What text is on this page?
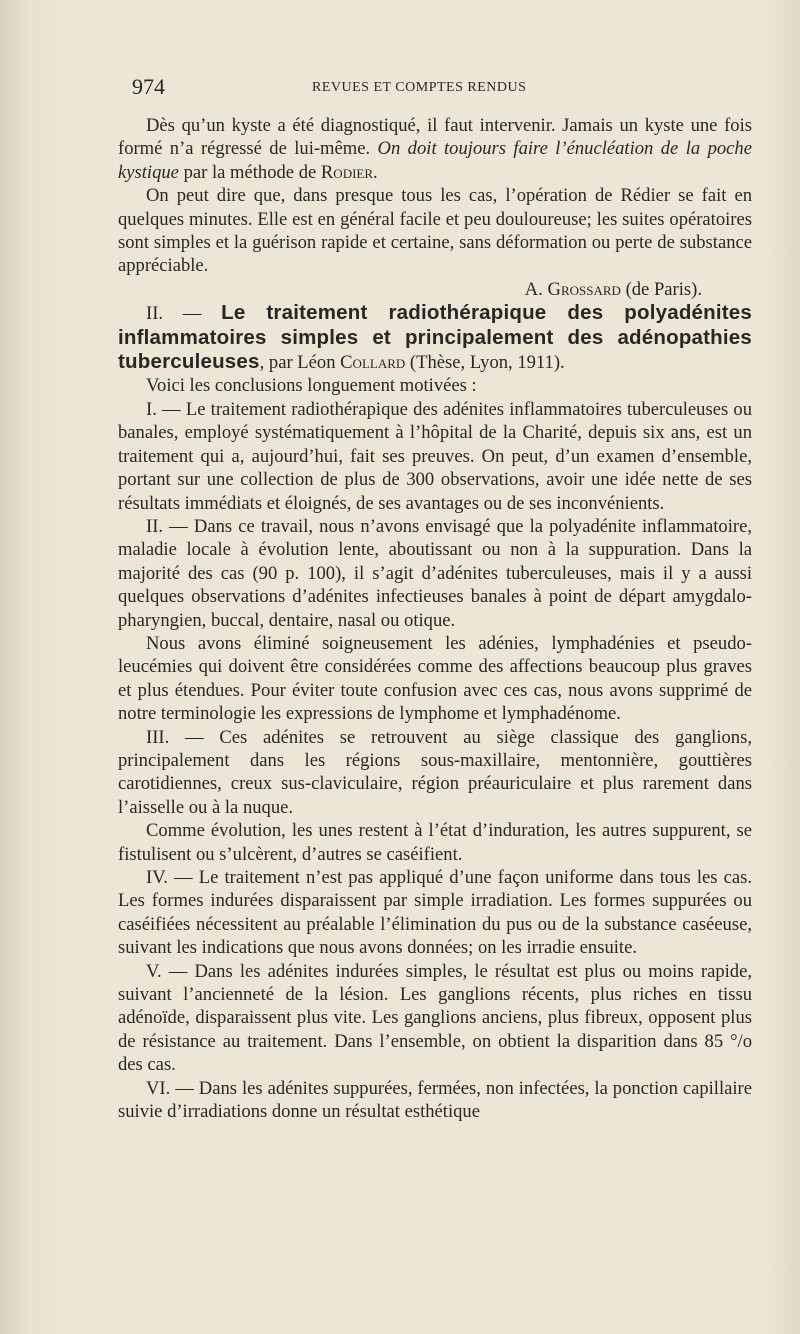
974	REVUES ET COMPTES RENDUS

Dès qu’un kyste a été diagnostiqué, il faut intervenir. Jamais un kyste une fois formé n’a régressé de lui-même. On doit toujours faire l’énucléation de la poche kystique par la méthode de Rodier.

On peut dire que, dans presque tous les cas, l’opération de Rédier se fait en quelques minutes. Elle est en général facile et peu douloureuse; les suites opératoires sont simples et la guérison rapide et certaine, sans déformation ou perte de substance appréciable.

A. Grossard (de Paris).

II. — Le traitement radiothérapique des polyadénites inflammatoires simples et principalement des adénopathies tuberculeuses, par Léon Collard (Thèse, Lyon, 1911).

Voici les conclusions longuement motivées :

I. — Le traitement radiothérapique des adénites inflammatoires tuberculeuses ou banales, employé systématiquement à l’hôpital de la Charité, depuis six ans, est un traitement qui a, aujourd’hui, fait ses preuves. On peut, d’un examen d’ensemble, portant sur une collection de plus de 300 observations, avoir une idée nette de ses résultats immédiats et éloignés, de ses avantages ou de ses inconvénients.

II. — Dans ce travail, nous n’avons envisagé que la polyadénite inflammatoire, maladie locale à évolution lente, aboutissant ou non à la suppuration. Dans la majorité des cas (90 p. 100), il s’agit d’adénites tuberculeuses, mais il y a aussi quelques observations d’adénites infectieuses banales à point de départ amygdalo-pharyngien, buccal, dentaire, nasal ou otique.

Nous avons éliminé soigneusement les adénies, lymphadénies et pseudo-leucémies qui doivent être considérées comme des affections beaucoup plus graves et plus étendues. Pour éviter toute confusion avec ces cas, nous avons supprimé de notre terminologie les expressions de lymphome et lymphadénome.

III. — Ces adénites se retrouvent au siège classique des ganglions, principalement dans les régions sous-maxillaire, mentonnière, gouttières carotidiennes, creux sus-claviculaire, région préauriculaire et plus rarement dans l’aisselle ou à la nuque.

Comme évolution, les unes restent à l’état d’induration, les autres suppurent, se fistulisent ou s’ulcèrent, d’autres se caséifient.

IV. — Le traitement n’est pas appliqué d’une façon uniforme dans tous les cas. Les formes indurées disparaissent par simple irradiation. Les formes suppurées ou caséifiées nécessitent au préalable l’élimination du pus ou de la substance caséeuse, suivant les indications que nous avons données; on les irradie ensuite.

V. — Dans les adénites indurées simples, le résultat est plus ou moins rapide, suivant l’ancienneté de la lésion. Les ganglions récents, plus riches en tissu adénoïde, disparaissent plus vite. Les ganglions anciens, plus fibreux, opposent plus de résistance au traitement. Dans l’ensemble, on obtient la disparition dans 85 °/o des cas.

VI. — Dans les adénites suppurées, fermées, non infectées, la ponction capillaire suivie d’irradiations donne un résultat esthétique
